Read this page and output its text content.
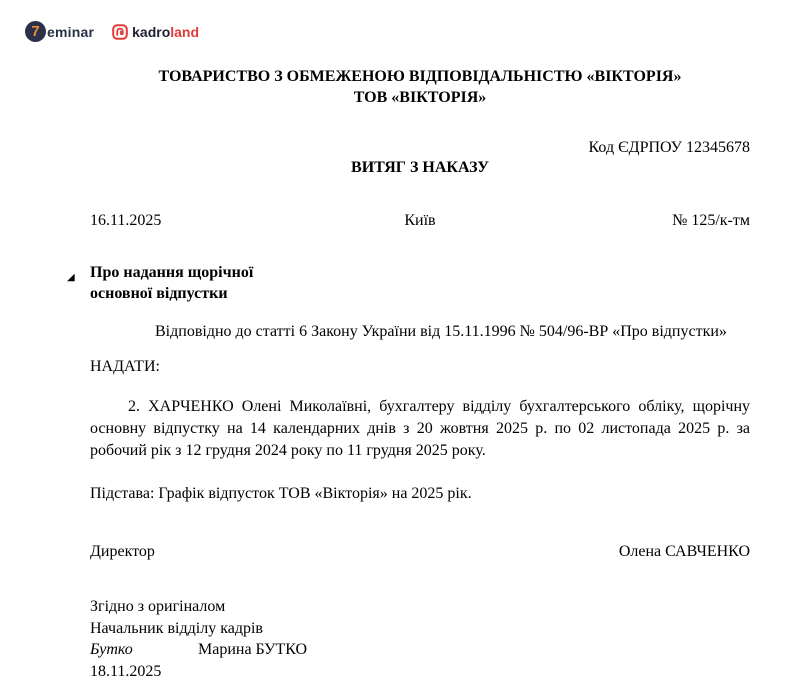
7 eminar	kadroland
ТОВАРИСТВО З ОБМЕЖЕНОЮ ВІДПОВІДАЛЬНІСТЮ «ВІКТОРІЯ»
ТОВ «ВІКТОРІЯ»
Код ЄДРПОУ 12345678
ВИТЯГ З НАКАЗУ
16.11.2025	Київ	№ 125/к-тм
◢ Про надання щорічної
основної відпустки
Відповідно до статті 6 Закону України від 15.11.1996 № 504/96-ВР «Про відпустки»
НАДАТИ:
2. ХАРЧЕНКО Олені Миколаївні, бухгалтеру відділу бухгалтерського обліку, щорічну основну відпустку на 14 календарних днів з 20 жовтня 2025 р. по 02 листопада 2025 р. за робочий рік з 12 грудня 2024 року по 11 грудня 2025 року.
Підстава: Графік відпусток ТОВ «Вікторія» на 2025 рік.
Директор	Олена САВЧЕНКО
Згідно з оригіналом
Начальник відділу кадрів
Бутко	Марина БУТКО
18.11.2025
